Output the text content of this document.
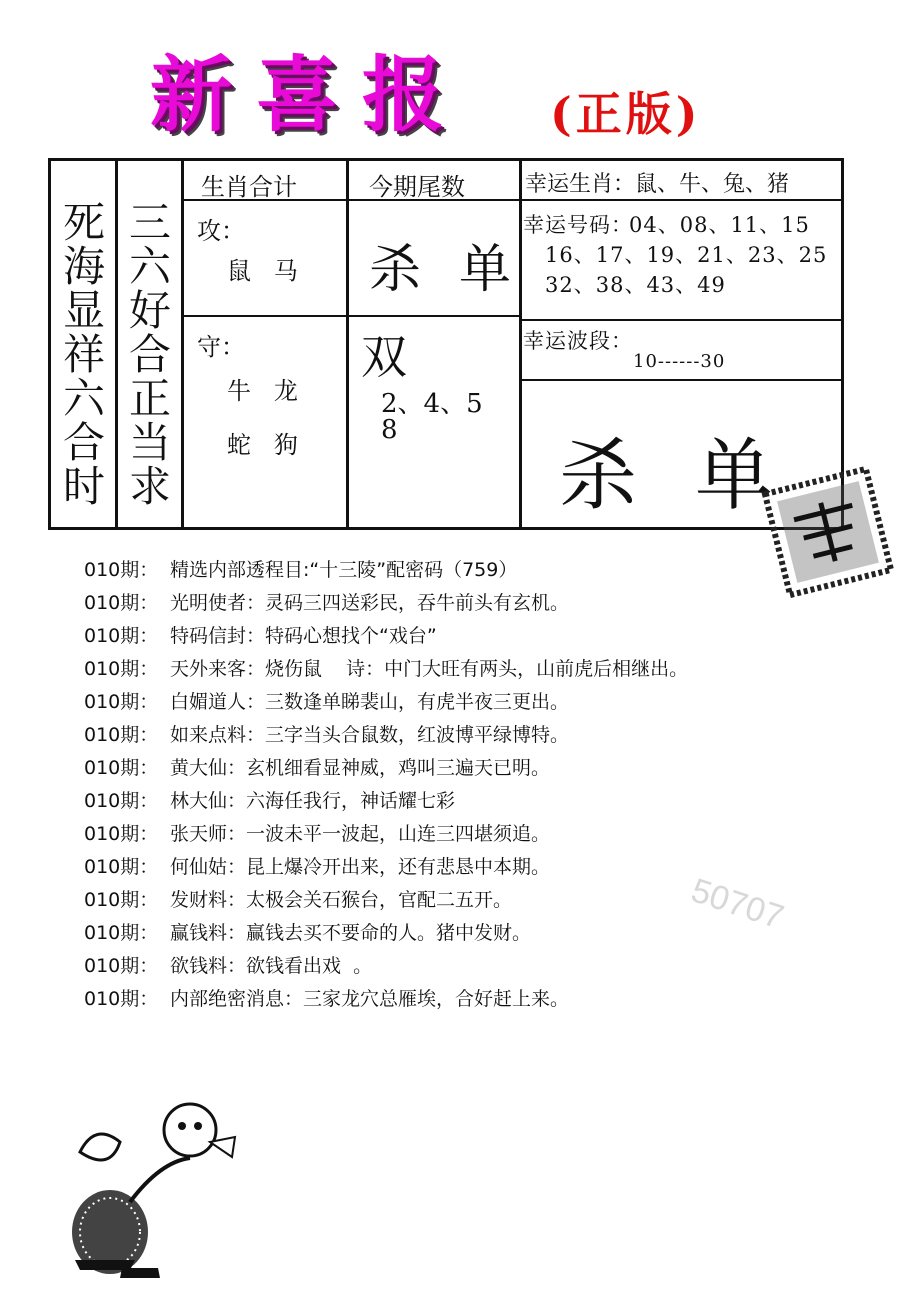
新喜报 (正版)
死
海
显
祥
六
合
时
三
六
好
合
正
当
求
生肖合计	今期尾数	幸运生肖：鼠、牛、兔、猪
攻：
鼠   马
守：
牛   龙
蛇   狗
杀单
双
2、4、5
8
幸运号码：
04、08、11、15
16、17、19、21、23、25
32、38、43、49
幸运波段：
10------30
杀单
010期： 精选内部透程目:“十三陵”配密码（759）
010期： 光明使者：灵码三四送彩民，吞牛前头有玄机。
010期： 特码信封：特码心想找个“戏台”
010期： 天外来客：烧伤鼠    诗：中门大旺有两头，山前虎后相继出。
010期： 白媚道人：三数逢单睇裴山，有虎半夜三更出。
010期： 如来点料：三字当头合鼠数，红波博平绿博特。
010期： 黄大仙：玄机细看显神威，鸡叫三遍天已明。
010期： 林大仙：六海任我行，神话耀七彩
010期： 张天师：一波未平一波起，山连三四堪须追。
010期： 何仙姑：昆上爆冷开出来，还有悲恳中本期。
010期： 发财料：太极会关石猴台，官配二五开。
010期： 赢钱料：赢钱去买不要命的人。猪中发财。
010期： 欲钱料：欲钱看出戏  。
010期： 内部绝密消息：三家龙穴总雁埃，合好赶上来。
50707
